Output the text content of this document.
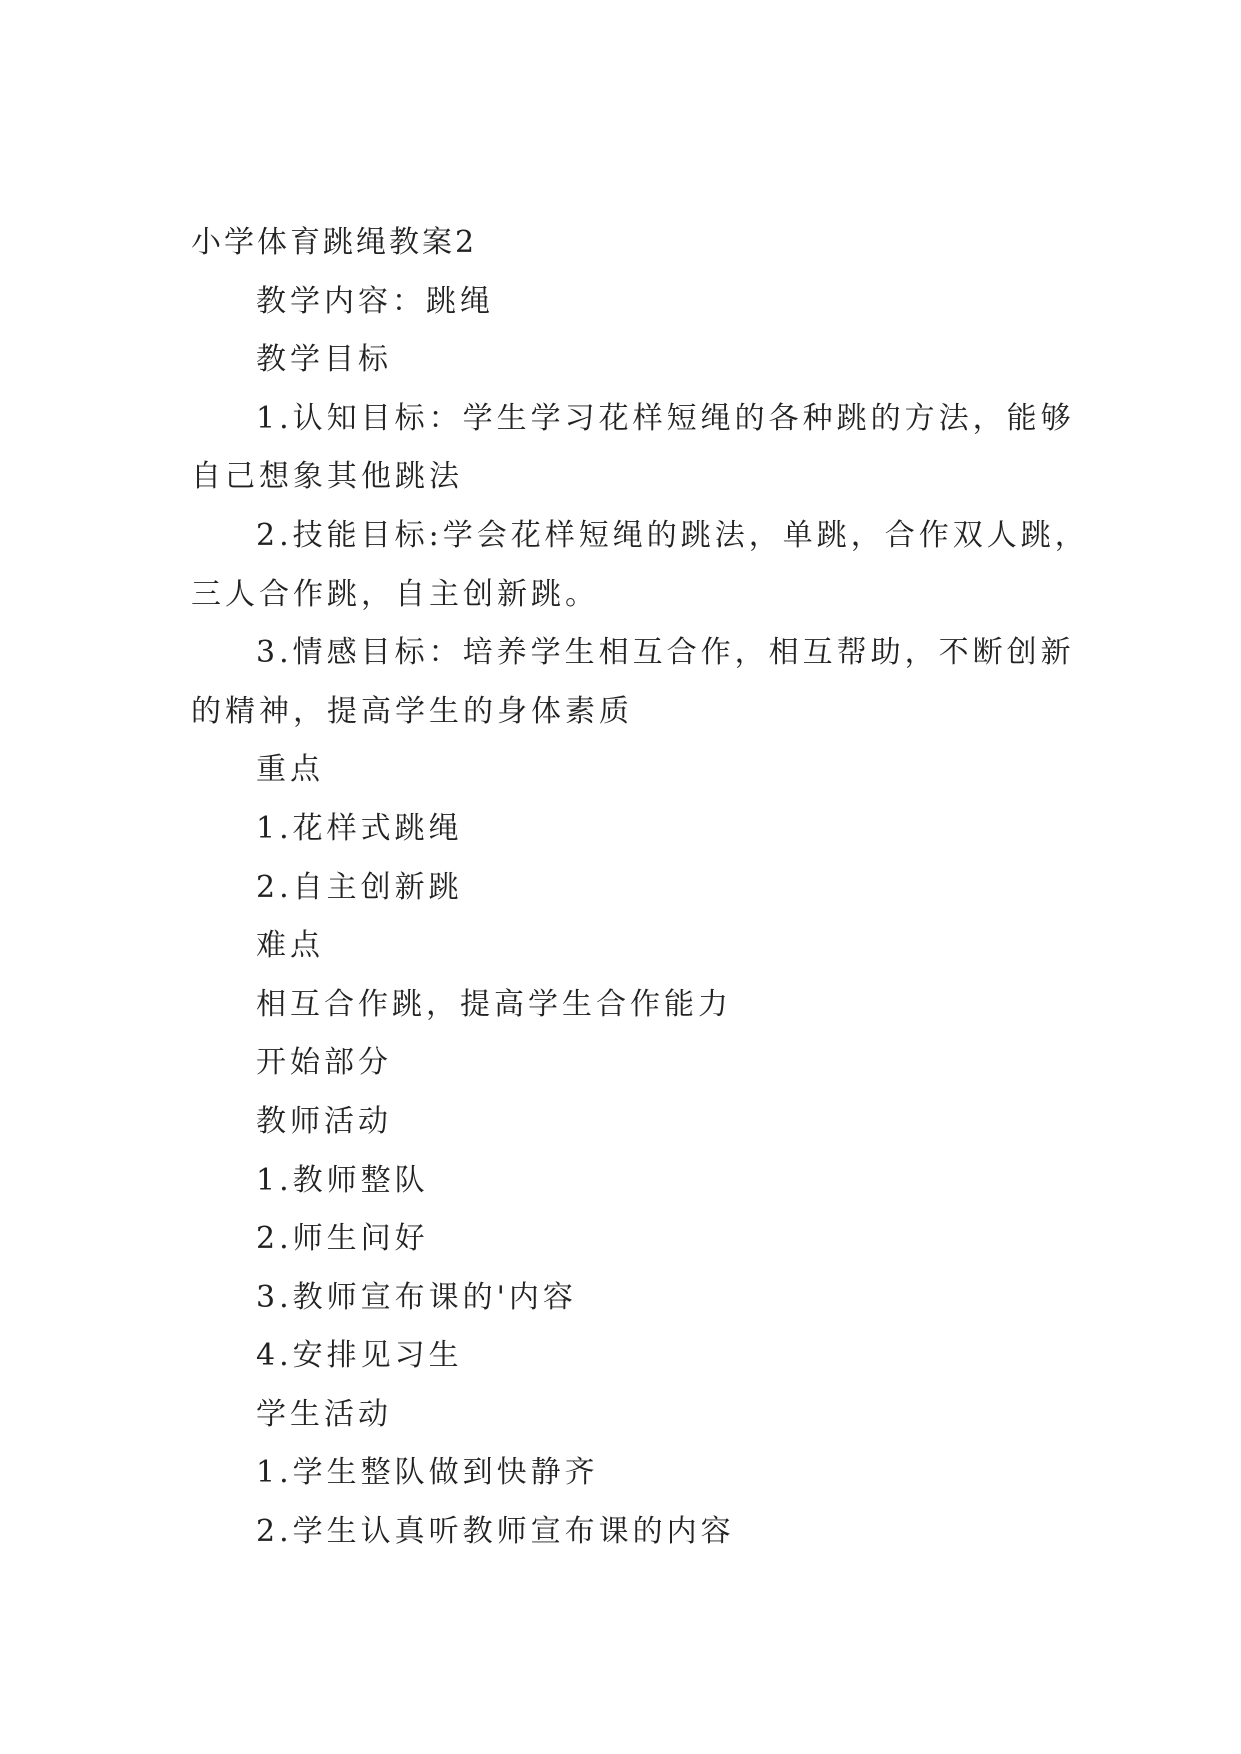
小学体育跳绳教案2
教学内容：跳绳
教学目标
1.认知目标：学生学习花样短绳的各种跳的方法，能够
自己想象其他跳法
2.技能目标:学会花样短绳的跳法，单跳，合作双人跳，
三人合作跳，自主创新跳。
3.情感目标：培养学生相互合作，相互帮助，不断创新
的精神，提高学生的身体素质
重点
1.花样式跳绳
2.自主创新跳
难点
相互合作跳，提高学生合作能力
开始部分
教师活动
1.教师整队
2.师生问好
3.教师宣布课的'内容
4.安排见习生
学生活动
1.学生整队做到快静齐
2.学生认真听教师宣布课的内容
